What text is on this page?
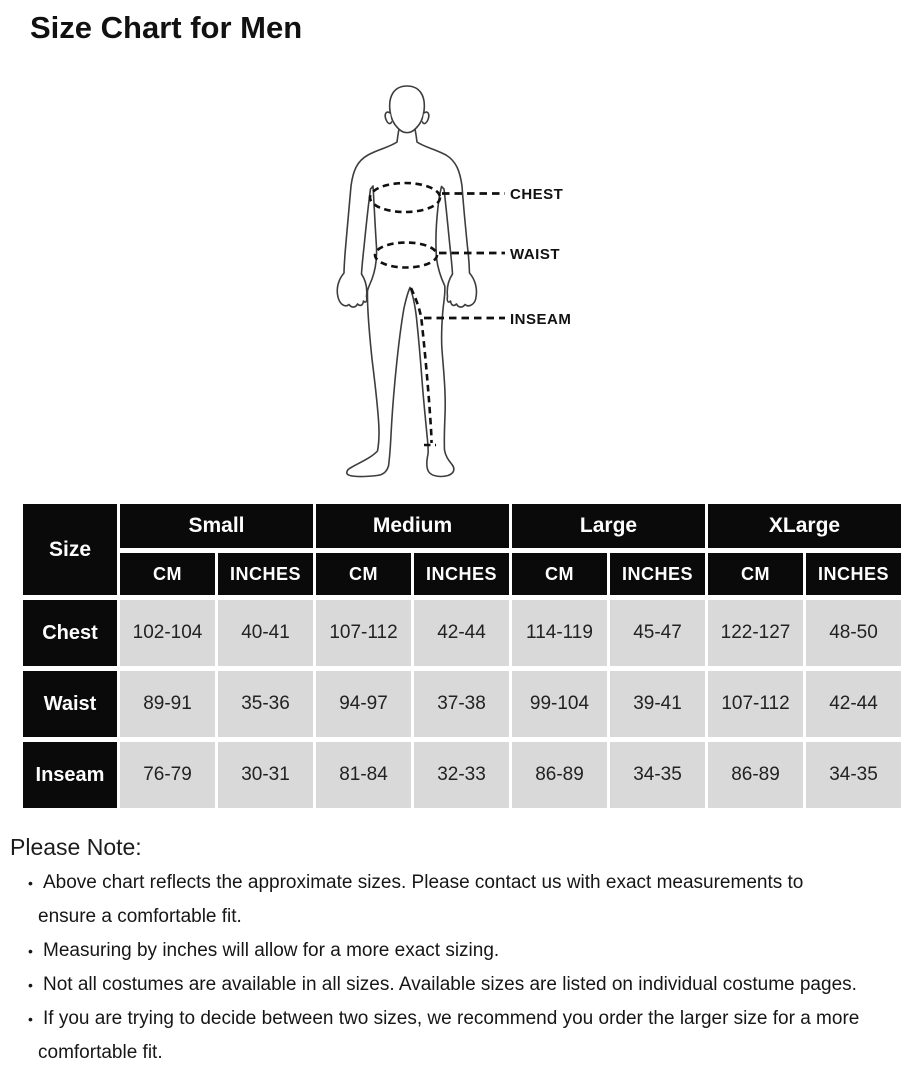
Size Chart for Men
CHEST
WAIST
INSEAM
Size	Small		Medium		Large		XLarge	
	CM	INCHES	CM	INCHES	CM	INCHES	CM	INCHES
Chest	102-104	40-41	107-112	42-44	114-119	45-47	122-127	48-50
Waist	89-91	35-36	94-97	37-38	99-104	39-41	107-112	42-44
Inseam	76-79	30-31	81-84	32-33	86-89	34-35	86-89	34-35
Please Note:
• Above chart reflects the approximate sizes. Please contact us with exact measurements to
ensure a comfortable fit.
• Measuring by inches will allow for a more exact sizing.
• Not all costumes are available in all sizes. Available sizes are listed on individual costume pages.
• If you are trying to decide between two sizes, we recommend you order the larger size for a more
comfortable fit.
